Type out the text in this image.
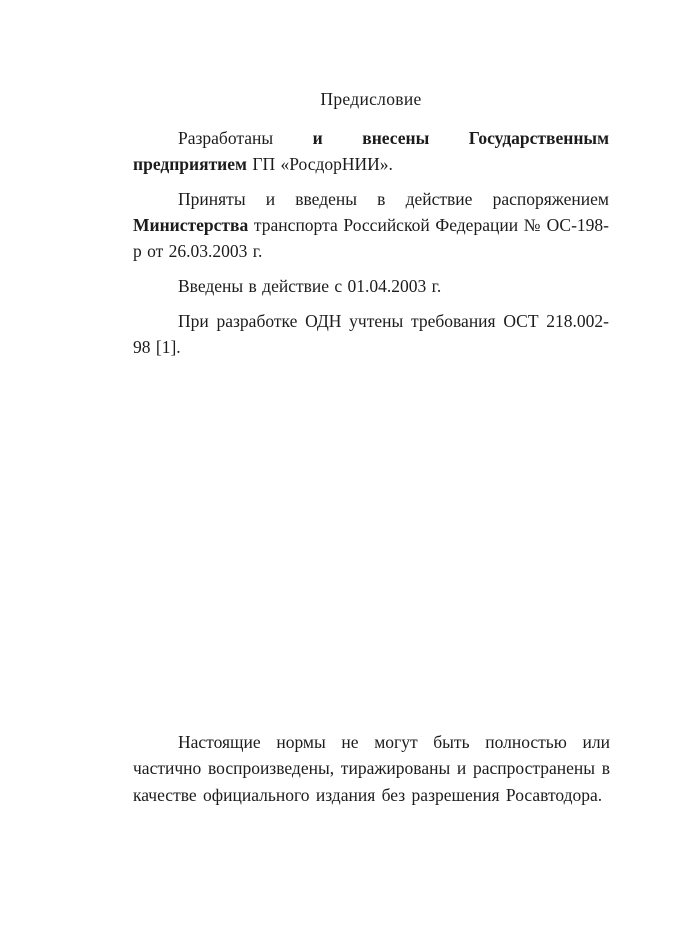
Предисловие

Разработаны и внесены Государственным предприятием ГП «РосдорНИИ».

Приняты и введены в действие распоряжением Министерства транспорта Российской Федерации № ОС-198-р от 26.03.2003 г.

Введены в действие с 01.04.2003 г.

При разработке ОДН учтены требования ОСТ 218.002-98 [1].

Настоящие нормы не могут быть полностью или частично воспроизведены, тиражированы и распространены в качестве официального издания без разрешения Росавтодора.
